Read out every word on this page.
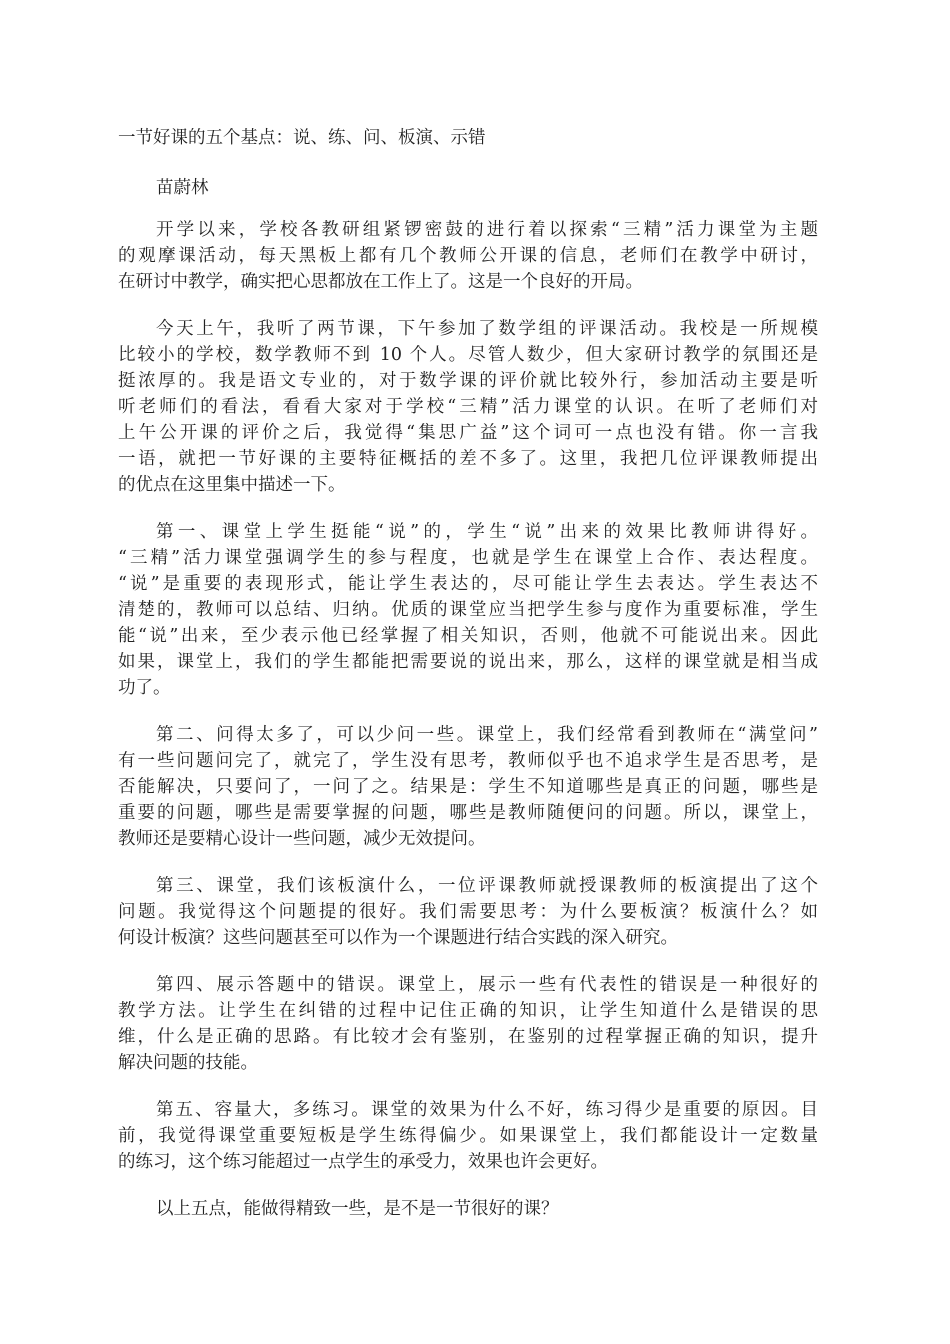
一节好课的五个基点：说、练、问、板演、示错
苗蔚林
开学以来，学校各教研组紧锣密鼓的进行着以探索“三精”活力课堂为主题
的观摩课活动，每天黑板上都有几个教师公开课的信息，老师们在教学中研讨，
在研讨中教学，确实把心思都放在工作上了。这是一个良好的开局。
今天上午，我听了两节课，下午参加了数学组的评课活动。我校是一所规模
比较小的学校，数学教师不到 10 个人。尽管人数少，但大家研讨教学的氛围还是
挺浓厚的。我是语文专业的，对于数学课的评价就比较外行，参加活动主要是听
听老师们的看法，看看大家对于学校“三精”活力课堂的认识。在听了老师们对
上午公开课的评价之后，我觉得“集思广益”这个词可一点也没有错。你一言我
一语，就把一节好课的主要特征概括的差不多了。这里，我把几位评课教师提出
的优点在这里集中描述一下。
第一、课堂上学生挺能“说”的，学生“说”出来的效果比教师讲得好。
“三精”活力课堂强调学生的参与程度，也就是学生在课堂上合作、表达程度。
“说”是重要的表现形式，能让学生表达的，尽可能让学生去表达。学生表达不
清楚的，教师可以总结、归纳。优质的课堂应当把学生参与度作为重要标准，学生
能“说”出来，至少表示他已经掌握了相关知识，否则，他就不可能说出来。因此
如果，课堂上，我们的学生都能把需要说的说出来，那么，这样的课堂就是相当成
功了。
第二、问得太多了，可以少问一些。课堂上，我们经常看到教师在“满堂问”
有一些问题问完了，就完了，学生没有思考，教师似乎也不追求学生是否思考，是
否能解决，只要问了，一问了之。结果是：学生不知道哪些是真正的问题，哪些是
重要的问题，哪些是需要掌握的问题，哪些是教师随便问的问题。所以，课堂上，
教师还是要精心设计一些问题，减少无效提问。
第三、课堂，我们该板演什么，一位评课教师就授课教师的板演提出了这个
问题。我觉得这个问题提的很好。我们需要思考：为什么要板演？板演什么？如
何设计板演？这些问题甚至可以作为一个课题进行结合实践的深入研究。
第四、展示答题中的错误。课堂上，展示一些有代表性的错误是一种很好的
教学方法。让学生在纠错的过程中记住正确的知识，让学生知道什么是错误的思
维，什么是正确的思路。有比较才会有鉴别，在鉴别的过程掌握正确的知识，提升
解决问题的技能。
第五、容量大，多练习。课堂的效果为什么不好，练习得少是重要的原因。目
前，我觉得课堂重要短板是学生练得偏少。如果课堂上，我们都能设计一定数量
的练习，这个练习能超过一点学生的承受力，效果也许会更好。
以上五点，能做得精致一些，是不是一节很好的课？
